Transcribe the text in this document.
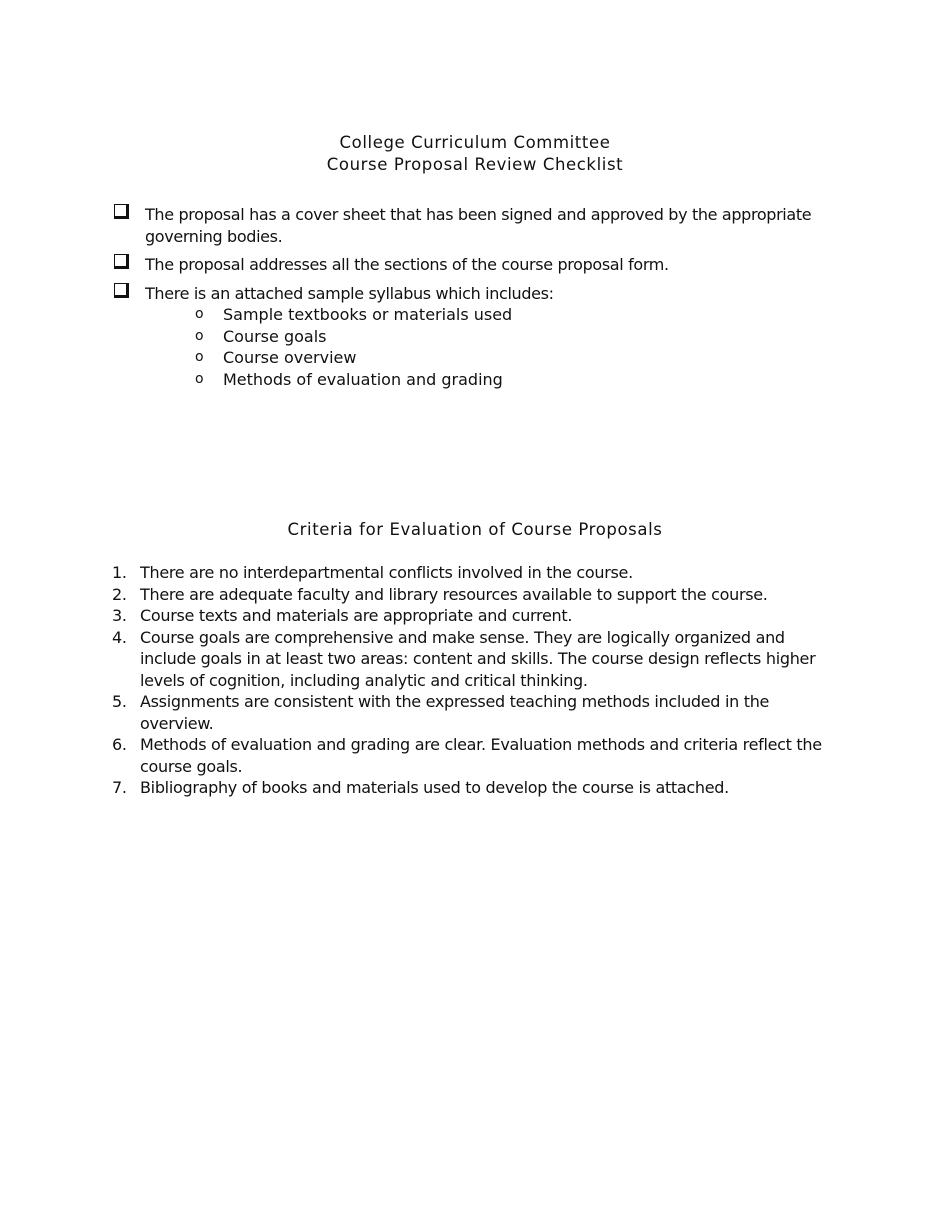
College Curriculum Committee
Course Proposal Review Checklist
The proposal has a cover sheet that has been signed and approved by the appropriate governing bodies.
The proposal addresses all the sections of the course proposal form.
There is an attached sample syllabus which includes:
o Sample textbooks or materials used
o Course goals
o Course overview
o Methods of evaluation and grading
Criteria for Evaluation of Course Proposals
1. There are no interdepartmental conflicts involved in the course.
2. There are adequate faculty and library resources available to support the course.
3. Course texts and materials are appropriate and current.
4. Course goals are comprehensive and make sense. They are logically organized and include goals in at least two areas: content and skills. The course design reflects higher levels of cognition, including analytic and critical thinking.
5. Assignments are consistent with the expressed teaching methods included in the overview.
6. Methods of evaluation and grading are clear. Evaluation methods and criteria reflect the course goals.
7. Bibliography of books and materials used to develop the course is attached.
